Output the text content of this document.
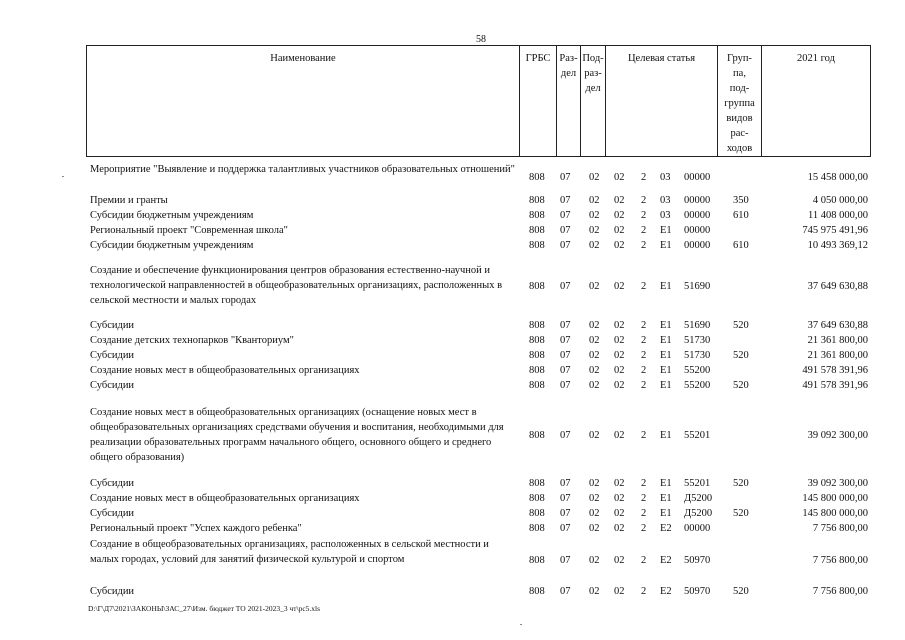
58
Наименование	ГРБС Раз-
дел
Под-
раз-
дел
Целевая статья	Груп-
па,
под-
группа
видов
рас-
ходов
2021 год
Мероприятие "Выявление и поддержка талантливых участников образовательных отношений"
808 07 02 02 2 03 00000	15 458 000,00
Премии и гранты	808 07 02 02 2 03 00000 350	4 050 000,00
Субсидии бюджетным учреждениям	808 07 02 02 2 03 00000 610	11 408 000,00
Региональный проект "Современная школа"	808 07 02 02 2 E1 00000	745 975 491,96
Субсидии бюджетным учреждениям	808 07 02 02 2 E1 00000 610	10 493 369,12
Создание и обеспечение функционирования центров образования естественно-научной и технологической направленностей в общеобразовательных организациях, расположенных в сельской местности и малых городах
808 07 02 02 2 E1 51690	37 649 630,88
Субсидии	808 07 02 02 2 E1 51690 520	37 649 630,88
Создание детских технопарков "Кванториум"	808 07 02 02 2 E1 51730	21 361 800,00
Субсидии	808 07 02 02 2 E1 51730 520	21 361 800,00
Создание новых мест в общеобразовательных организациях	808 07 02 02 2 E1 55200	491 578 391,96
Субсидии	808 07 02 02 2 E1 55200 520	491 578 391,96
Создание новых мест в общеобразовательных организациях (оснащение новых мест в общеобразовательных организациях средствами обучения и воспитания, необходимыми для реализации образовательных программ начального общего, основного общего и среднего общего образования)
808 07 02 02 2 E1 55201	39 092 300,00
Субсидии	808 07 02 02 2 E1 55201 520	39 092 300,00
Создание новых мест в общеобразовательных организациях	808 07 02 02 2 E1 Д5200	145 800 000,00
Субсидии	808 07 02 02 2 E1 Д5200 520	145 800 000,00
Региональный проект "Успех каждого ребенка"	808 07 02 02 2 E2 00000	7 756 800,00
Создание в общеобразовательных организациях, расположенных в сельской местности и малых городах, условий для занятий физической культурой и спортом	808 07 02 02 2 E2 50970	7 756 800,00
Субсидии	808 07 02 02 2 E2 50970 520	7 756 800,00
D:\Г\Д7\2021\ЗАКОНЫ\ЗАС_27\Изм. бюджет ТО 2021-2023_3 чт\рс5.xls
